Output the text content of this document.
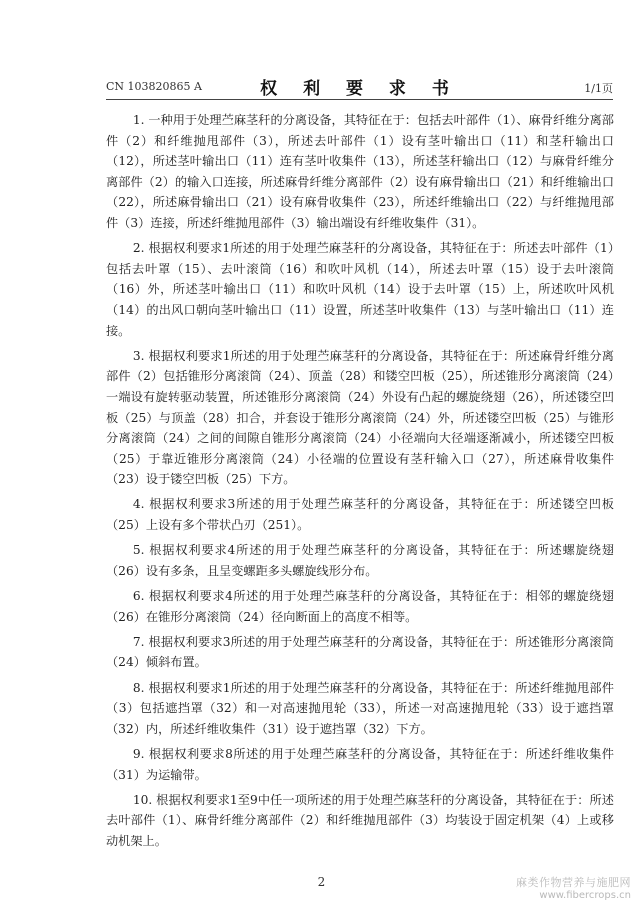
CN 103820865 A	权 利 要 求 书	1/1页

1. 一种用于处理苎麻茎秆的分离设备，其特征在于：包括去叶部件（1）、麻骨纤维分离部件（2）和纤维抛甩部件（3），所述去叶部件（1）设有茎叶输出口（11）和茎秆输出口（12），所述茎叶输出口（11）连有茎叶收集件（13），所述茎秆输出口（12）与麻骨纤维分离部件（2）的输入口连接，所述麻骨纤维分离部件（2）设有麻骨输出口（21）和纤维输出口（22），所述麻骨输出口（21）设有麻骨收集件（23），所述纤维输出口（22）与纤维抛甩部件（3）连接，所述纤维抛甩部件（3）输出端设有纤维收集件（31）。

2. 根据权利要求1所述的用于处理苎麻茎秆的分离设备，其特征在于：所述去叶部件（1）包括去叶罩（15）、去叶滚筒（16）和吹叶风机（14），所述去叶罩（15）设于去叶滚筒（16）外，所述茎叶输出口（11）和吹叶风机（14）设于去叶罩（15）上，所述吹叶风机（14）的出风口朝向茎叶输出口（11）设置，所述茎叶收集件（13）与茎叶输出口（11）连接。

3. 根据权利要求1所述的用于处理苎麻茎秆的分离设备，其特征在于：所述麻骨纤维分离部件（2）包括锥形分离滚筒（24）、顶盖（28）和镂空凹板（25），所述锥形分离滚筒（24）一端设有旋转驱动装置，所述锥形分离滚筒（24）外设有凸起的螺旋绕翅（26），所述镂空凹板（25）与顶盖（28）扣合，并套设于锥形分离滚筒（24）外，所述镂空凹板（25）与锥形分离滚筒（24）之间的间隙自锥形分离滚筒（24）小径端向大径端逐渐减小，所述镂空凹板（25）于靠近锥形分离滚筒（24）小径端的位置设有茎秆输入口（27），所述麻骨收集件（23）设于镂空凹板（25）下方。

4. 根据权利要求3所述的用于处理苎麻茎秆的分离设备，其特征在于：所述镂空凹板（25）上设有多个带状凸刃（251）。

5. 根据权利要求4所述的用于处理苎麻茎秆的分离设备，其特征在于：所述螺旋绕翅（26）设有多条，且呈变螺距多头螺旋线形分布。

6. 根据权利要求4所述的用于处理苎麻茎秆的分离设备，其特征在于：相邻的螺旋绕翅（26）在锥形分离滚筒（24）径向断面上的高度不相等。

7. 根据权利要求3所述的用于处理苎麻茎秆的分离设备，其特征在于：所述锥形分离滚筒（24）倾斜布置。

8. 根据权利要求1所述的用于处理苎麻茎秆的分离设备，其特征在于：所述纤维抛甩部件（3）包括遮挡罩（32）和一对高速抛甩轮（33），所述一对高速抛甩轮（33）设于遮挡罩（32）内，所述纤维收集件（31）设于遮挡罩（32）下方。

9. 根据权利要求8所述的用于处理苎麻茎秆的分离设备，其特征在于：所述纤维收集件（31）为运输带。

10. 根据权利要求1至9中任一项所述的用于处理苎麻茎秆的分离设备，其特征在于：所述去叶部件（1）、麻骨纤维分离部件（2）和纤维抛甩部件（3）均装设于固定机架（4）上或移动机架上。

2	麻类作物营养与施肥网
www.fibercrops.cn
